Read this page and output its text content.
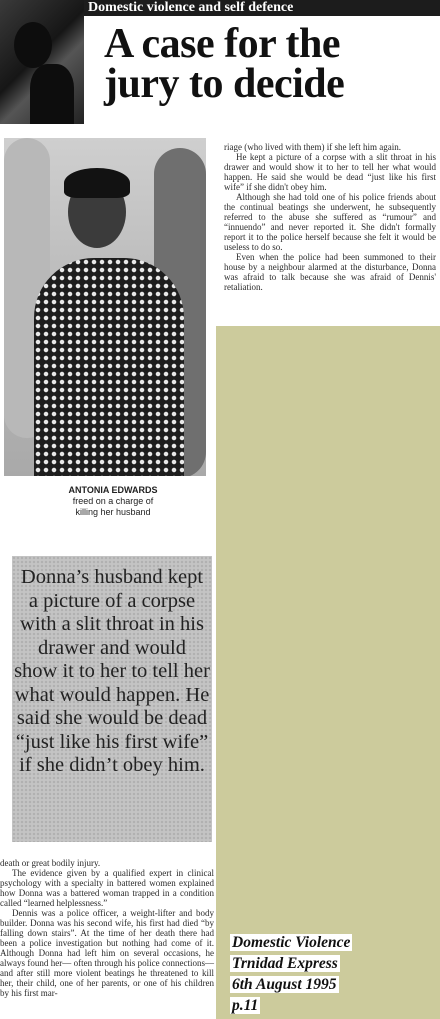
Domestic violence and self defence
A case for the
jury to decide
ANTONIA EDWARDS
freed on a charge of
killing her husband

riage (who lived with them) if she left him again.

He kept a picture of a corpse with a slit throat in his drawer and would show it to her to tell her what would happen. He said she would be dead “just like his first wife” if she didn't obey him.

Although she had told one of his police friends about the continual beatings she underwent, he subsequently referred to the abuse she suffered as “rumour” and “innuendo” and never reported it. She didn't formally report it to the police herself because she felt it would be useless to do so.

Even when the police had been summoned to their house by a neighbour alarmed at the disturbance, Donna was afraid to talk because she was afraid of Dennis' retaliation.

Donna’s husband kept a picture of a corpse with a slit throat in his drawer and would show it to her to tell her what would happen. He said she would be dead “just like his first wife” if she didn’t obey him.

death or great bodily injury.

The evidence given by a qualified expert in clinical psychology with a specialty in battered women explained how Donna was a battered woman trapped in a condition called “learned helplessness.”

Dennis was a police officer, a weight-lifter and body builder. Donna was his second wife, his first had died “by falling down stairs”. At the time of her death there had been a police investigation but nothing had come of it. Although Donna had left him on several occasions, he always found her— often through his police connections—and after still more violent beatings he threatened to kill her, their child, one of her parents, or one of his children by his first mar-

Domestic Violence
Trnidad Express
6th August 1995
p.11
